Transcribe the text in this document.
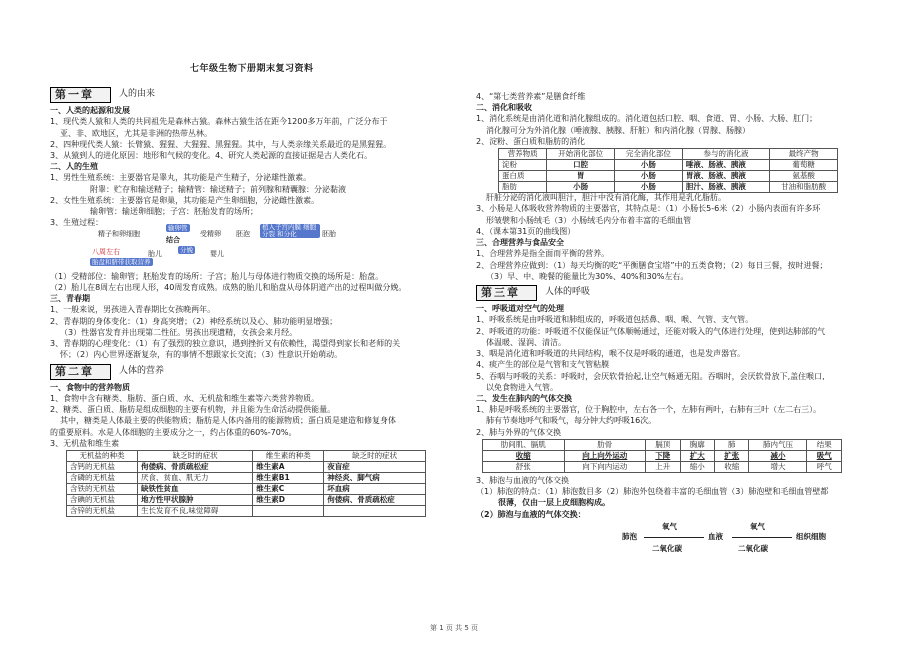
七年级生物下册期末复习资料
第一章	人的由来
一、人类的起源和发展
1、现代类人猿和人类的共同祖先是森林古猿。森林古猿生活在距今1200多万年前，广泛分布于
亚、非、欧地区，尤其是非洲的热带丛林。
2、四种现代类人猿：长臂猿、猩猩、大猩猩、黑猩猩。其中，与人类亲缘关系最近的是黑猩猩。
3、从猿到人的进化原因：地形和气候的变化。4、研究人类起源的直接证据是古人类化石。
二、人的生殖
1、男性生殖系统：主要器官是睾丸，其功能是产生精子，分泌雄性激素。
附睾：贮存和输送精子；输精管：输送精子；前列腺和精囊腺：分泌黏液
2、女性生殖系统：主要器官是卵巢，其功能是产生卵细胞，分泌雌性激素。
输卵管：输送卵细胞；子宫：胚胎发育的场所；
3、生殖过程：
精子和卵细胞
输卵管
结合
受精卵 胚泡
植入子宫内膜 细胞分裂 和分化	胚胎
八周左右
胎盘和脐带获取营养
胎儿	分娩 婴儿
（1）受精部位：输卵管；胚胎发育的场所：子宫；胎儿与母体进行物质交换的场所是：胎盘。
（2）胎儿在8周左右出现人形，40周发育成熟。成熟的胎儿和胎盘从母体阴道产出的过程叫做分娩。
三、青春期
1、一般来说，男孩进入青春期比女孩晚两年。
2、青春期的身体变化：（1）身高突增；（2）神经系统以及心、肺功能明显增强；
（3）性器官发育并出现第二性征。男孩出现遗精，女孩会来月经。
3、青春期的心理变化：（1）有了强烈的独立意识，遇到挫折又有依赖性，渴望得到家长和老师的关
怀；（2）内心世界逐渐复杂，有的事情不想跟家长交流；（3）性意识开始萌动。
第二章	人体的营养
一、食物中的营养物质
1、食物中含有糖类、脂肪、蛋白质、水、无机盐和维生素等六类营养物质。
2、糖类、蛋白质、脂肪是组成细胞的主要有机物，并且能为生命活动提供能量。
其中，糖类是人体最主要的供能物质；脂肪是人体内备用的能源物质；蛋白质是建造和修复身体
的重要原料。水是人体细胞的主要成分之一，约占体重的60%-70%。
3、无机盐和维生素
无机盐的种类	缺乏时的症状	维生素的种类	缺乏时的症状
含钙的无机盐	佝偻病、骨质疏松症	维生素A	夜盲症
含磷的无机盐	厌食、贫血、肌无力	维生素B1	神经炎、脚气病
含铁的无机盐	缺铁性贫血	维生素C	坏血病
含碘的无机盐	地方性甲状腺肿	维生素D	佝偻病、骨质疏松症
含锌的无机盐	生长发育不良,味觉障碍		
4、“第七类营养素”是膳食纤维
二、消化和吸收
1、消化系统是由消化道和消化腺组成的。消化道包括口腔、咽、食道、胃、小肠、大肠、肛门；
消化腺可分为外消化腺（唾液腺、胰腺、肝脏）和内消化腺（胃腺、肠腺）
2、淀粉、蛋白质和脂肪的消化
营养物质	开始消化部位	完全消化部位	参与的消化液	最终产物
淀粉	口腔	小肠	唾液、肠液、胰液	葡萄糖
蛋白质	胃	小肠	胃液、肠液、胰液	氨基酸
脂肪	小肠	小肠	胆汁、肠液、胰液	甘油和脂肪酸
肝脏分泌的消化液叫胆汁，胆汁中没有消化酶，其作用是乳化脂肪。
3、小肠是人体吸收营养物质的主要器官，其特点是：（1）小肠长5-6米（2）小肠内表面有许多环
形皱襞和小肠绒毛（3）小肠绒毛内分布着丰富的毛细血管
4、（课本第31页的曲线图）
三、合理营养与食品安全
1、合理营养是指全面而平衡的营养。
2、合理营养应做到：（1）每天均衡的吃“平衡膳食宝塔”中的五类食物；（2）每日三餐，按时进餐；
（3）早、中、晚餐的能量比为30%、40%和30%左右。
第三章	人体的呼吸
一、呼吸道对空气的处理
1、呼吸系统是由呼吸道和肺组成的，呼吸道包括鼻、咽、喉、气管、支气管。
2、呼吸道的功能：呼吸道不仅能保证气体顺畅通过，还能对吸入的气体进行处理，使到达肺部的气
体温暖、湿润、清洁。
3、咽是消化道和呼吸道的共同结构，喉不仅是呼吸的通道，也是发声器官。
4、痰产生的部位是气管和支气管粘膜
5、吞咽与呼吸的关系：呼吸时，会厌软骨抬起,让空气畅通无阻。吞咽时，会厌软骨放下,盖住喉口,
以免食物进入气管。
二、发生在肺内的气体交换
1、肺是呼吸系统的主要器官，位于胸腔中，左右各一个，左肺有两叶，右肺有三叶（左二右三）。
肺有节奏地呼气和吸气，每分钟大约呼吸16次。
2、肺与外界的气体交换
肋间肌、膈肌	肋骨	膈顶	胸廓	肺	肺内气压	结果
收缩	向上向外运动	下降	扩大	扩张	减小	吸气
舒张	向下向内运动	上升	缩小	收缩	增大	呼气
3、肺泡与血液的气体交换
（1）肺泡的特点：（1）肺泡数目多（2）肺泡外包绕着丰富的毛细血管（3）肺泡壁和毛细血管壁都
很薄，仅由一层上皮细胞构成。
（2）肺泡与血液的气体交换：
肺泡	血液	组织细胞
氧气	氧气
二氧化碳	二氧化碳
第 1 页 共 5 页
